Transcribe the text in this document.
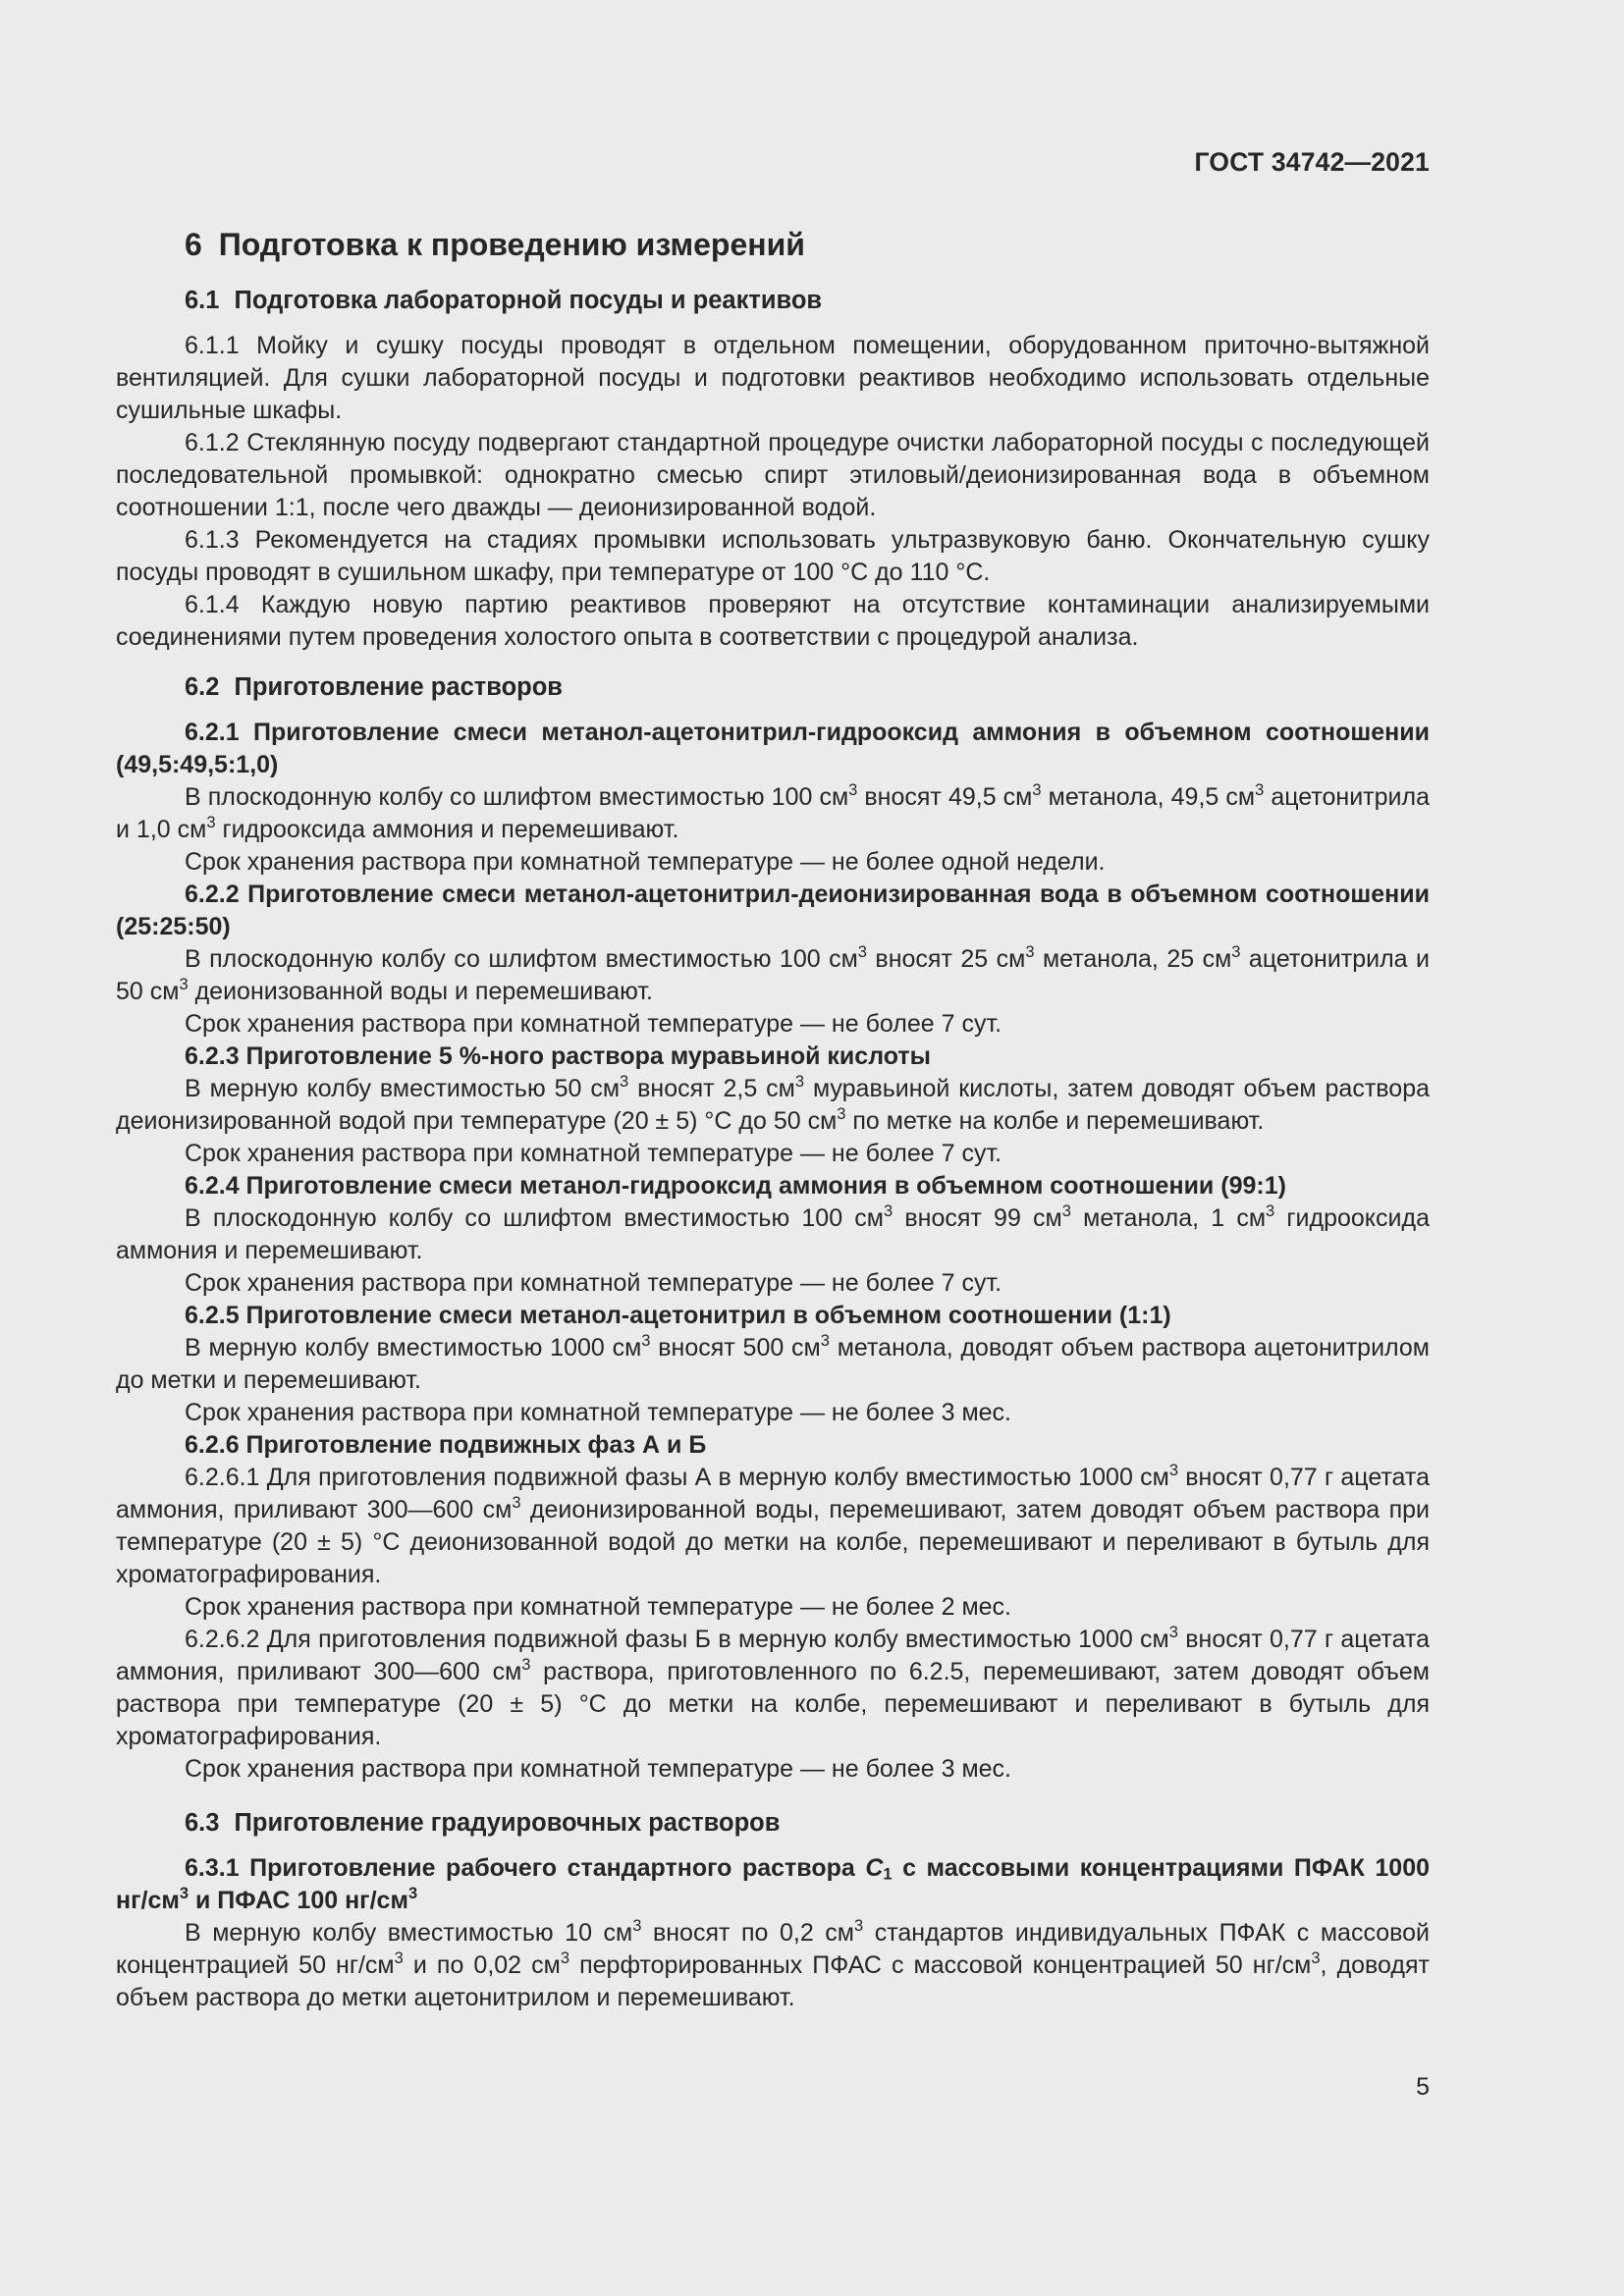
ГОСТ 34742—2021
6 Подготовка к проведению измерений
6.1 Подготовка лабораторной посуды и реактивов

6.1.1 Мойку и сушку посуды проводят в отдельном помещении, оборудованном приточно-вытяжной вентиляцией. Для сушки лабораторной посуды и подготовки реактивов необходимо использовать отдельные сушильные шкафы.

6.1.2 Стеклянную посуду подвергают стандартной процедуре очистки лабораторной посуды с последующей последовательной промывкой: однократно смесью спирт этиловый/деионизированная вода в объемном соотношении 1:1, после чего дважды — деионизированной водой.

6.1.3 Рекомендуется на стадиях промывки использовать ультразвуковую баню. Окончательную сушку посуды проводят в сушильном шкафу, при температуре от 100 °С до 110 °С.

6.1.4 Каждую новую партию реактивов проверяют на отсутствие контаминации анализируемыми соединениями путем проведения холостого опыта в соответствии с процедурой анализа.

6.2 Приготовление растворов

6.2.1 Приготовление смеси метанол-ацетонитрил-гидрооксид аммония в объемном соотношении (49,5:49,5:1,0)

В плоскодонную колбу со шлифтом вместимостью 100 $см^3$ вносят 49,5 $см^3$ метанола, 49,5 $см^3$ ацетонитрила и 1,0 $см^3$ гидрооксида аммония и перемешивают.

Срок хранения раствора при комнатной температуре — не более одной недели.

6.2.2 Приготовление смеси метанол-ацетонитрил-деионизированная вода в объемном соотношении (25:25:50)

В плоскодонную колбу со шлифтом вместимостью 100 $см^3$ вносят 25 $см^3$ метанола, 25 $см^3$ ацетонитрила и 50 $см^3$ деионизованной воды и перемешивают.

Срок хранения раствора при комнатной температуре — не более 7 сут.

6.2.3 Приготовление 5 %-ного раствора муравьиной кислоты

В мерную колбу вместимостью 50 $см^3$ вносят 2,5 $см^3$ муравьиной кислоты, затем доводят объем раствора деионизированной водой при температуре (20 ± 5) °С до 50 $см^3$ по метке на колбе и перемешивают.

Срок хранения раствора при комнатной температуре — не более 7 сут.

6.2.4 Приготовление смеси метанол-гидрооксид аммония в объемном соотношении (99:1)

В плоскодонную колбу со шлифтом вместимостью 100 $см^3$ вносят 99 $см^3$ метанола, 1 $см^3$ гидрооксида аммония и перемешивают.

Срок хранения раствора при комнатной температуре — не более 7 сут.

6.2.5 Приготовление смеси метанол-ацетонитрил в объемном соотношении (1:1)

В мерную колбу вместимостью 1000 $см^3$ вносят 500 $см^3$ метанола, доводят объем раствора ацетонитрилом до метки и перемешивают.

Срок хранения раствора при комнатной температуре — не более 3 мес.

6.2.6 Приготовление подвижных фаз А и Б

6.2.6.1 Для приготовления подвижной фазы А в мерную колбу вместимостью 1000 $см^3$ вносят 0,77 г ацетата аммония, приливают 300—600 $см^3$ деионизированной воды, перемешивают, затем доводят объем раствора при температуре (20 ± 5) °С деионизованной водой до метки на колбе, перемешивают и переливают в бутыль для хроматографирования.

Срок хранения раствора при комнатной температуре — не более 2 мес.

6.2.6.2 Для приготовления подвижной фазы Б в мерную колбу вместимостью 1000 $см^3$ вносят 0,77 г ацетата аммония, приливают 300—600 $см^3$ раствора, приготовленного по 6.2.5, перемешивают, затем доводят объем раствора при температуре (20 ± 5) °С до метки на колбе, перемешивают и переливают в бутыль для хроматографирования.

Срок хранения раствора при комнатной температуре — не более 3 мес.

6.3 Приготовление градуировочных растворов

6.3.1 Приготовление рабочего стандартного раствора $C_1$ с массовыми концентрациями ПФАК 1000 $нг/см^3$ и ПФАС 100 $нг/см^3$

В мерную колбу вместимостью 10 $см^3$ вносят по 0,2 $см^3$ стандартов индивидуальных ПФАК с массовой концентрацией 50 $нг/см^3$ и по 0,02 $см^3$ перфторированных ПФАС с массовой концентрацией 50 $нг/см^3$, доводят объем раствора до метки ацетонитрилом и перемешивают.

5
